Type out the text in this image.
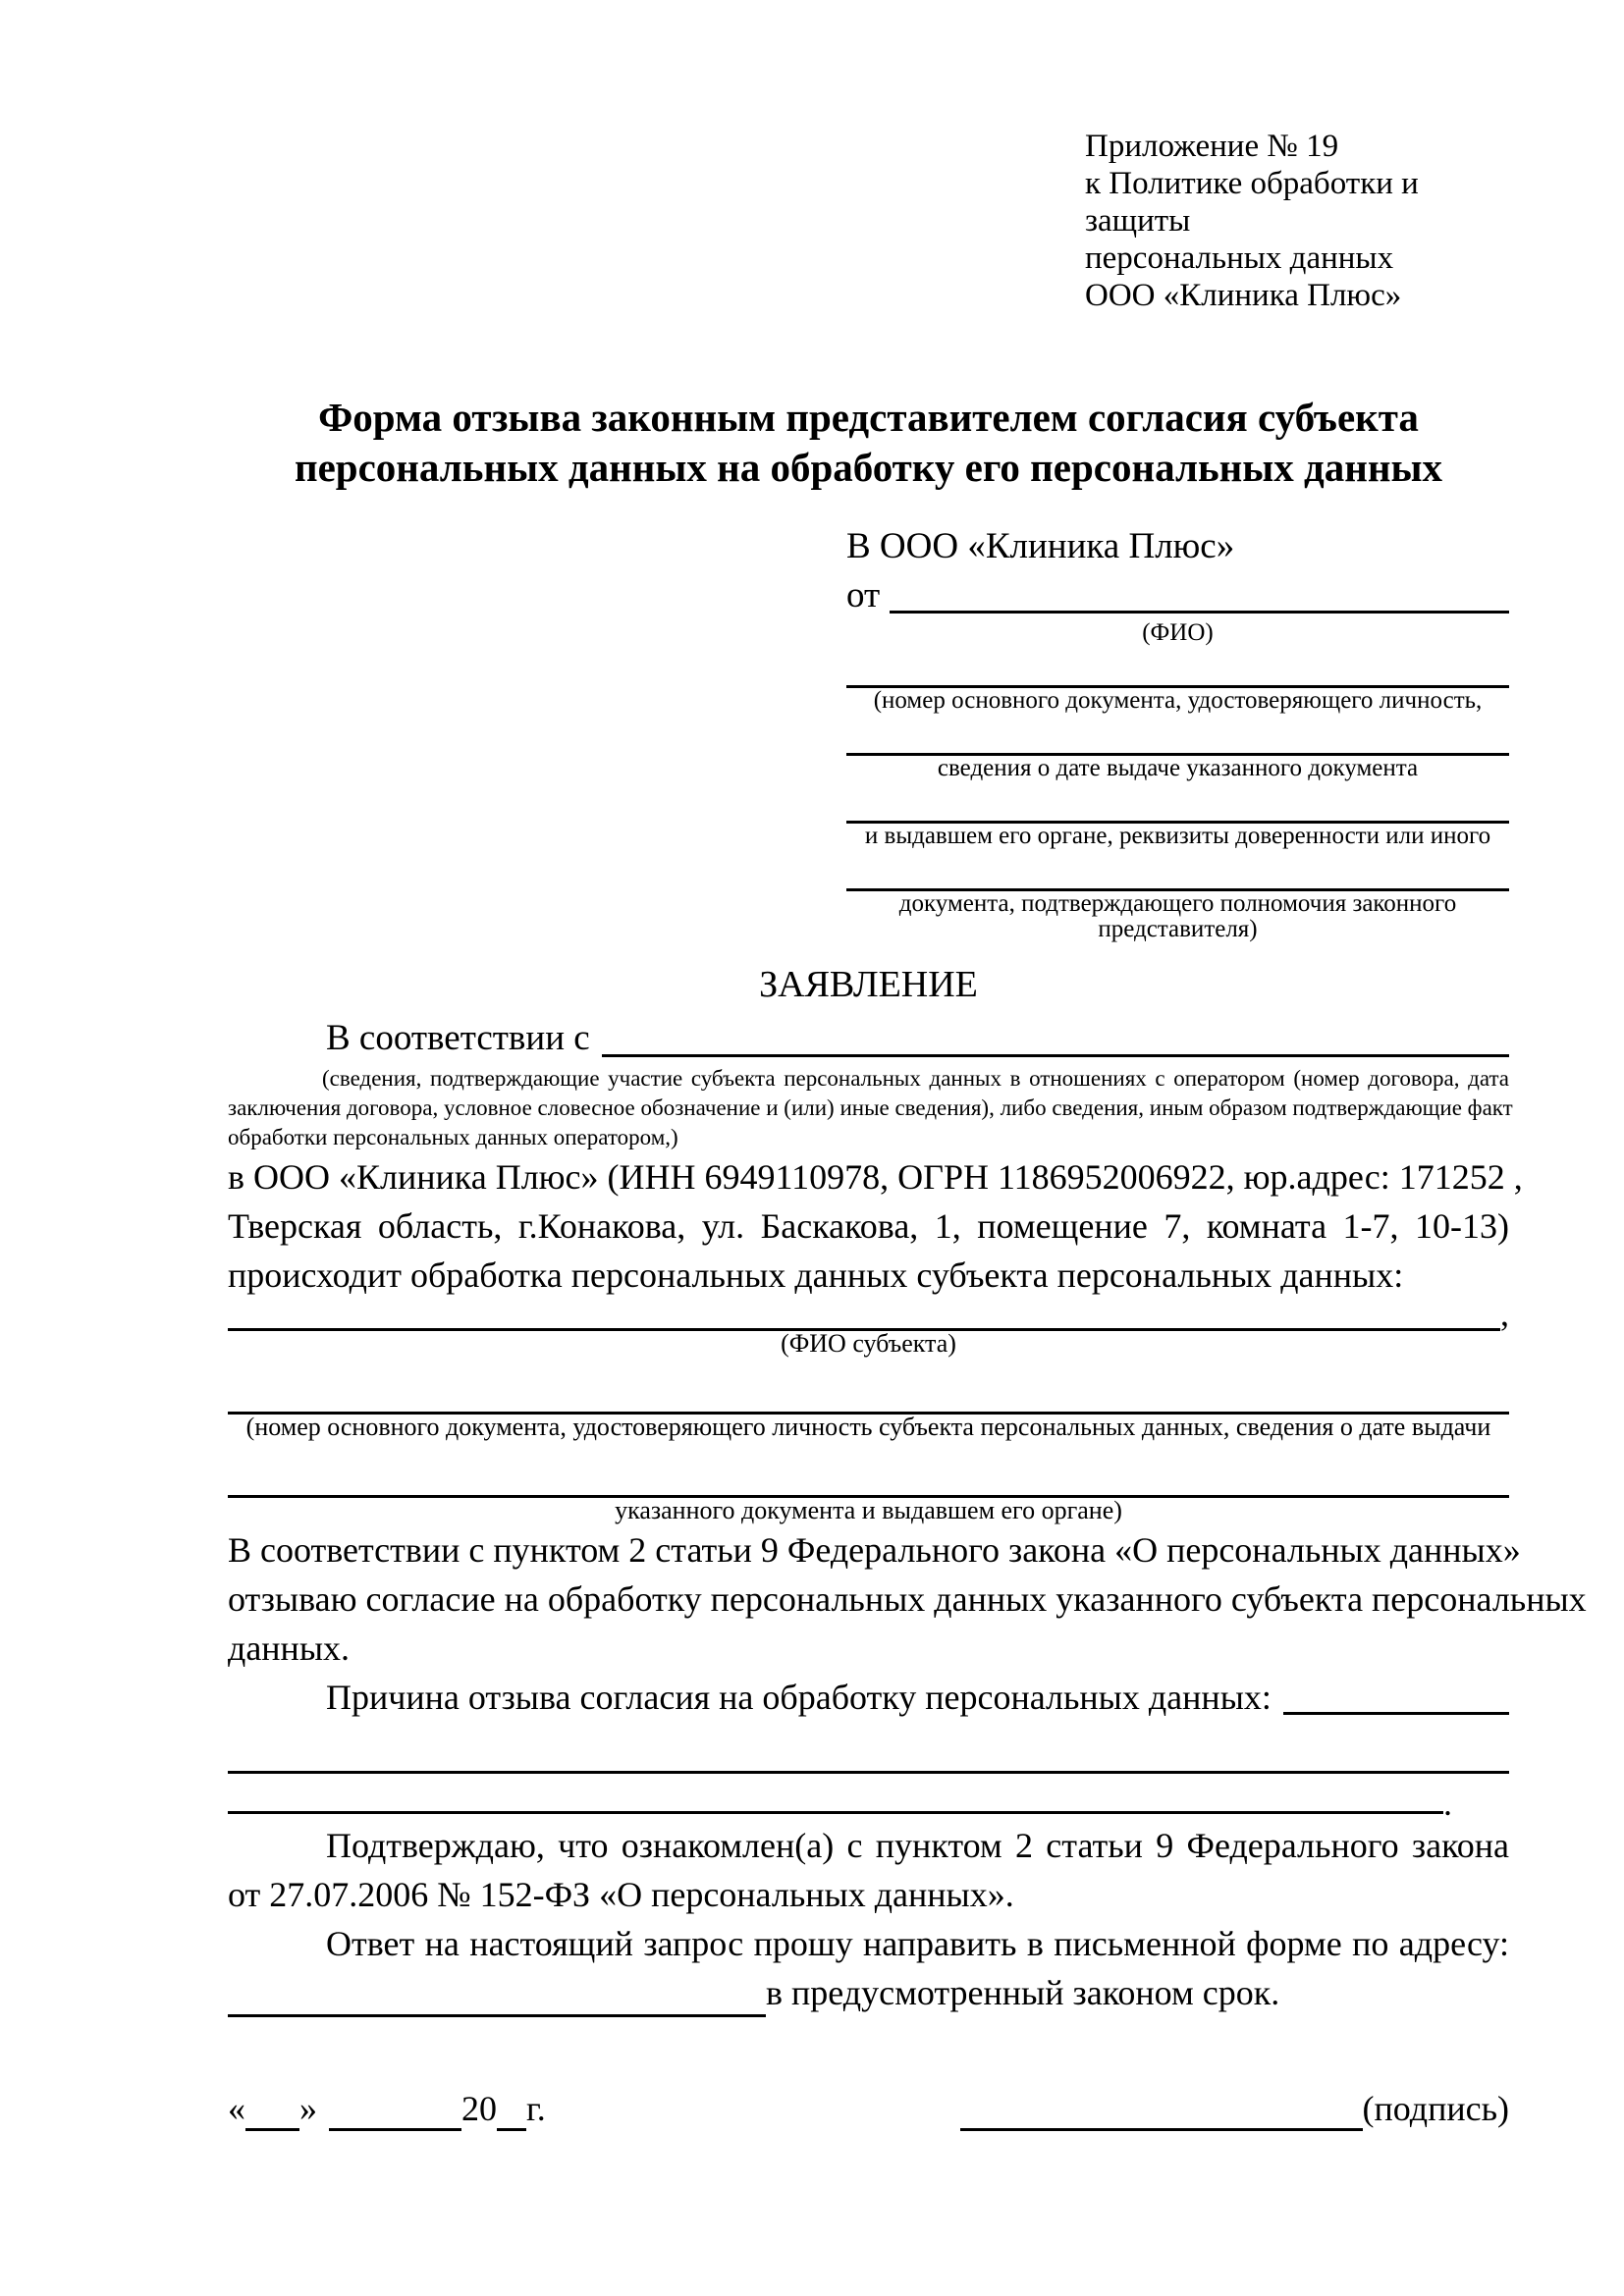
Приложение № 19
к Политике обработки и защиты
персональных данных
ООО «Клиника Плюс»
Форма отзыва законным представителем согласия субъекта
персональных данных на обработку его персональных данных
В ООО «Клиника Плюс»
от
(ФИО)
(номер основного документа, удостоверяющего личность,
сведения о дате выдаче указанного документа
и выдавшем его органе, реквизиты доверенности или иного
документа, подтверждающего полномочия законного представителя)
ЗАЯВЛЕНИЕ
В соответствии с
(сведения, подтверждающие участие субъекта персональных данных в отношениях с оператором (номер договора, дата
заключения договора, условное словесное обозначение и (или) иные сведения), либо сведения, иным образом подтверждающие факт
обработки персональных данных оператором,)
в ООО «Клиника Плюс» (ИНН 6949110978, ОГРН 1186952006922, юр.адрес: 171252 ,
Тверская область, г.Конакова, ул. Баскакова, 1, помещение 7, комната 1-7, 10-13)
происходит обработка персональных данных субъекта персональных данных:
,
(ФИО субъекта)
(номер основного документа, удостоверяющего личность субъекта персональных данных, сведения о дате выдачи
указанного документа и выдавшем его органе)
В соответствии с пунктом 2 статьи 9 Федерального закона «О персональных данных»
отзываю согласие на обработку персональных данных указанного субъекта персональных
данных.
Причина отзыва согласия на обработку персональных данных:
.
Подтверждаю, что ознакомлен(а) с пунктом 2 статьи 9 Федерального закона
от 27.07.2006 № 152-ФЗ «О персональных данных».
Ответ на настоящий запрос прошу направить в письменной форме по адресу:
в предусмотренный законом срок.
« »	20 г.	(подпись)
